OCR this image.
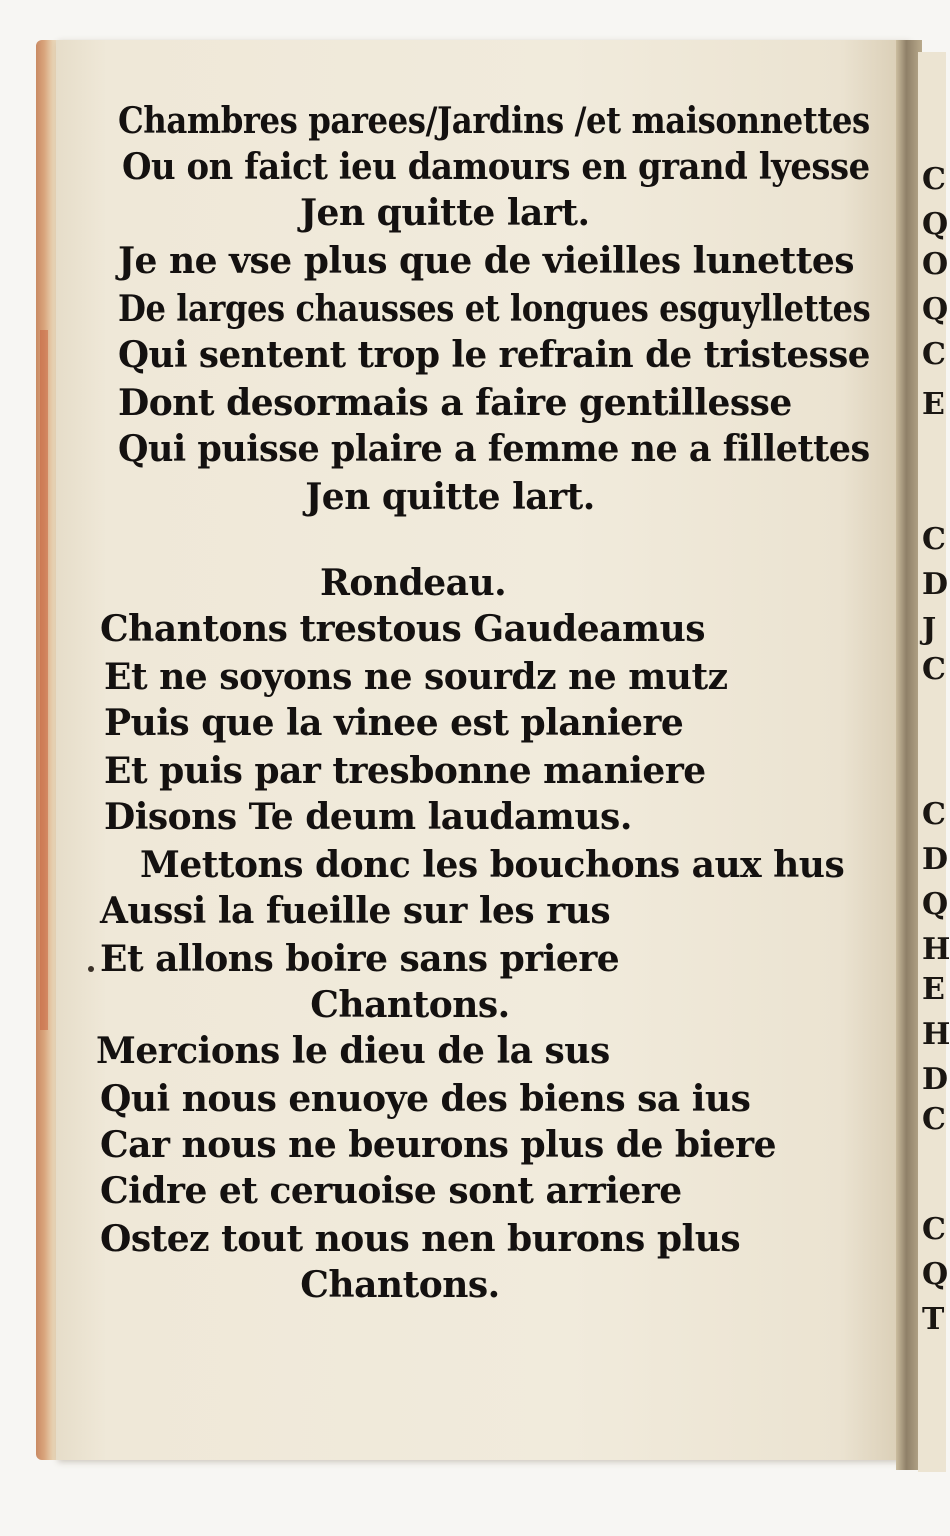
C
Q
O
Q
C
E
C
D
J
C
C
D
Q
H
E
H
D
C
C
Q
T
Chambres parees/Jardins /et maisonnettes
Ou on faict ieu damours en grand lyesse
Jen quitte lart.
Je ne vse plus que de vieilles lunettes
De larges chausses et longues esguyllettes
Qui sentent trop le refrain de tristesse
Dont desormais a faire gentillesse
Qui puisse plaire a femme ne a fillettes
Jen quitte lart.
Rondeau.
Chantons trestous Gaudeamus
Et ne soyons ne sourdz ne mutz
Puis que la vinee est planiere
Et puis par tresbonne maniere
Disons Te deum laudamus.
Mettons donc les bouchons aux hus
Aussi la fueille sur les rus
Et allons boire sans priere
Chantons.
Mercions le dieu de la sus
Qui nous enuoye des biens sa ius
Car nous ne beurons plus de biere
Cidre et ceruoise sont arriere
Ostez tout nous nen burons plus
Chantons.
